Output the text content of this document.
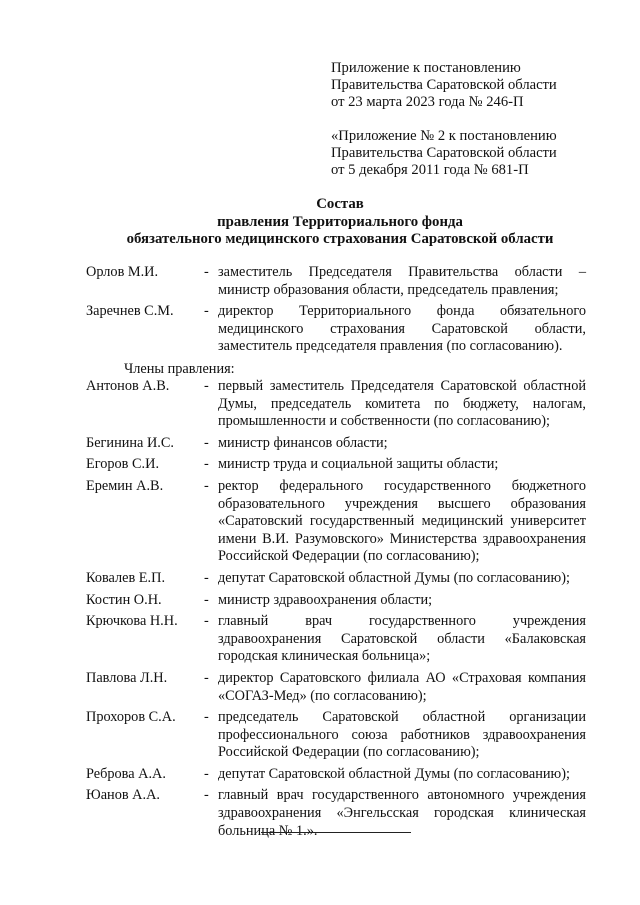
Приложение к постановлению
Правительства Саратовской области
от 23 марта 2023 года № 246-П
«Приложение № 2 к постановлению
Правительства Саратовской области
от 5 декабря 2011 года № 681-П
Состав
правления Территориального фонда
обязательного медицинского страхования Саратовской области
Орлов М.И.	- заместитель Председателя Правительства области – министр образования области, председатель правления;
Заречнев С.М.	- директор Территориального фонда обязательного медицинского страхования Саратовской области, заместитель председателя правления (по согласованию).
Члены правления:
Антонов А.В.	- первый заместитель Председателя Саратовской областной Думы, председатель комитета по бюджету, налогам, промышленности и собственности (по согласованию);
Бегинина И.С.	- министр финансов области;
Егоров С.И.	- министр труда и социальной защиты области;
Еремин А.В.	- ректор федерального государственного бюджетного образовательного учреждения высшего образования «Саратовский государственный медицинский университет имени В.И. Разумовского» Министерства здравоохранения Российской Федерации (по согласованию);
Ковалев Е.П.	- депутат Саратовской областной Думы (по согласованию);
Костин О.Н.	- министр здравоохранения области;
Крючкова Н.Н.	- главный врач государственного учреждения здравоохранения Саратовской области «Балаковская городская клиническая больница»;
Павлова Л.Н.	- директор Саратовского филиала АО «Страховая компания «СОГАЗ-Мед» (по согласованию);
Прохоров С.А.	- председатель Саратовской областной организации профессионального союза работников здравоохранения Российской Федерации (по согласованию);
Реброва А.А.	- депутат Саратовской областной Думы (по согласованию);
Юанов А.А.	- главный врач государственного автономного учреждения здравоохранения «Энгельсская городская клиническая больница № 1.».
